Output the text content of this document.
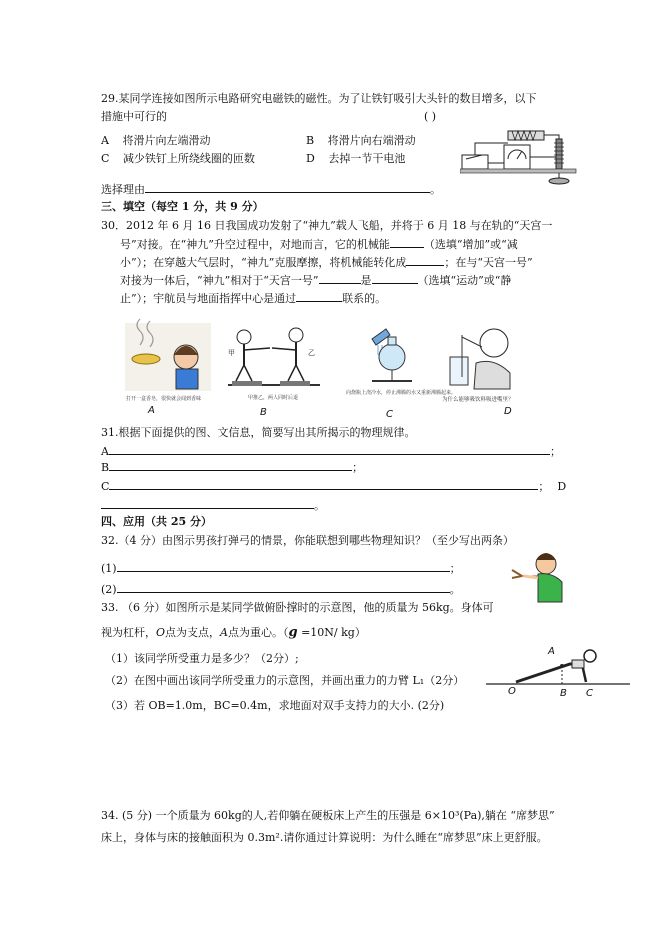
29.某同学连接如图所示电路研究电磁铁的磁性。为了让铁钉吸引大头针的数目增多，以下
措施中可行的	( )
A 将滑片向左端滑动	B 将滑片向右端滑动
C 减少铁钉上所绕线圈的匝数	D 去掉一节干电池
选择理由	。
三、填空（每空 1 分，共 9 分）
30．2012 年 6 月 16 日我国成功发射了“神九”载人飞船，并将于 6 月 18 与在轨的“天宫一
号”对接。在“神九”升空过程中，对地而言，它的机械能	（选填“增加”或“减
小”）；在穿越大气层时，“神九”克服摩擦，将机械能转化成	；在与“天宫一号”
对接为一体后，“神九”相对于“天宫一号”	是	（选填“运动”或“静
止”）；宇航员与地面指挥中心是通过	联系的。
打开一盒香皂，很快就会闻到香味
A
甲	乙
甲推乙，两人同时后退
B
向烧瓶上浇冷水，停止沸腾的水又重新沸腾起来。
C
为什么能够吸饮料吸进嘴里？
D
31.根据下面提供的图、文信息，简要写出其所揭示的物理规律。
A	；
B	；
C	； D
。
四、应用（共 25 分）
32.（4 分）由图示男孩打弹弓的情景，你能联想到哪些物理知识？（至少写出两条）
(1)	；
(2)	。
33. （6 分）如图所示是某同学做俯卧撑时的示意图，他的质量为 56kg。身体可
视为杠杆，O点为支点，A点为重心。（g =10N/ kg）
（1）该同学所受重力是多少？（2分）;
（2）在图中画出该同学所受重力的示意图，并画出重力的力臂 L₁（2分）
（3）若 OB=1.0m，BC=0.4m，求地面对双手支持力的大小. (2分)
A
O	B C
34. (5 分) 一个质量为 60kg的人,若仰躺在硬板床上产生的压强是 6×10³(Pa),躺在 “席梦思”
床上，身体与床的接触面积为 0.3m².请你通过计算说明：为什么睡在“席梦思”床上更舒服。
